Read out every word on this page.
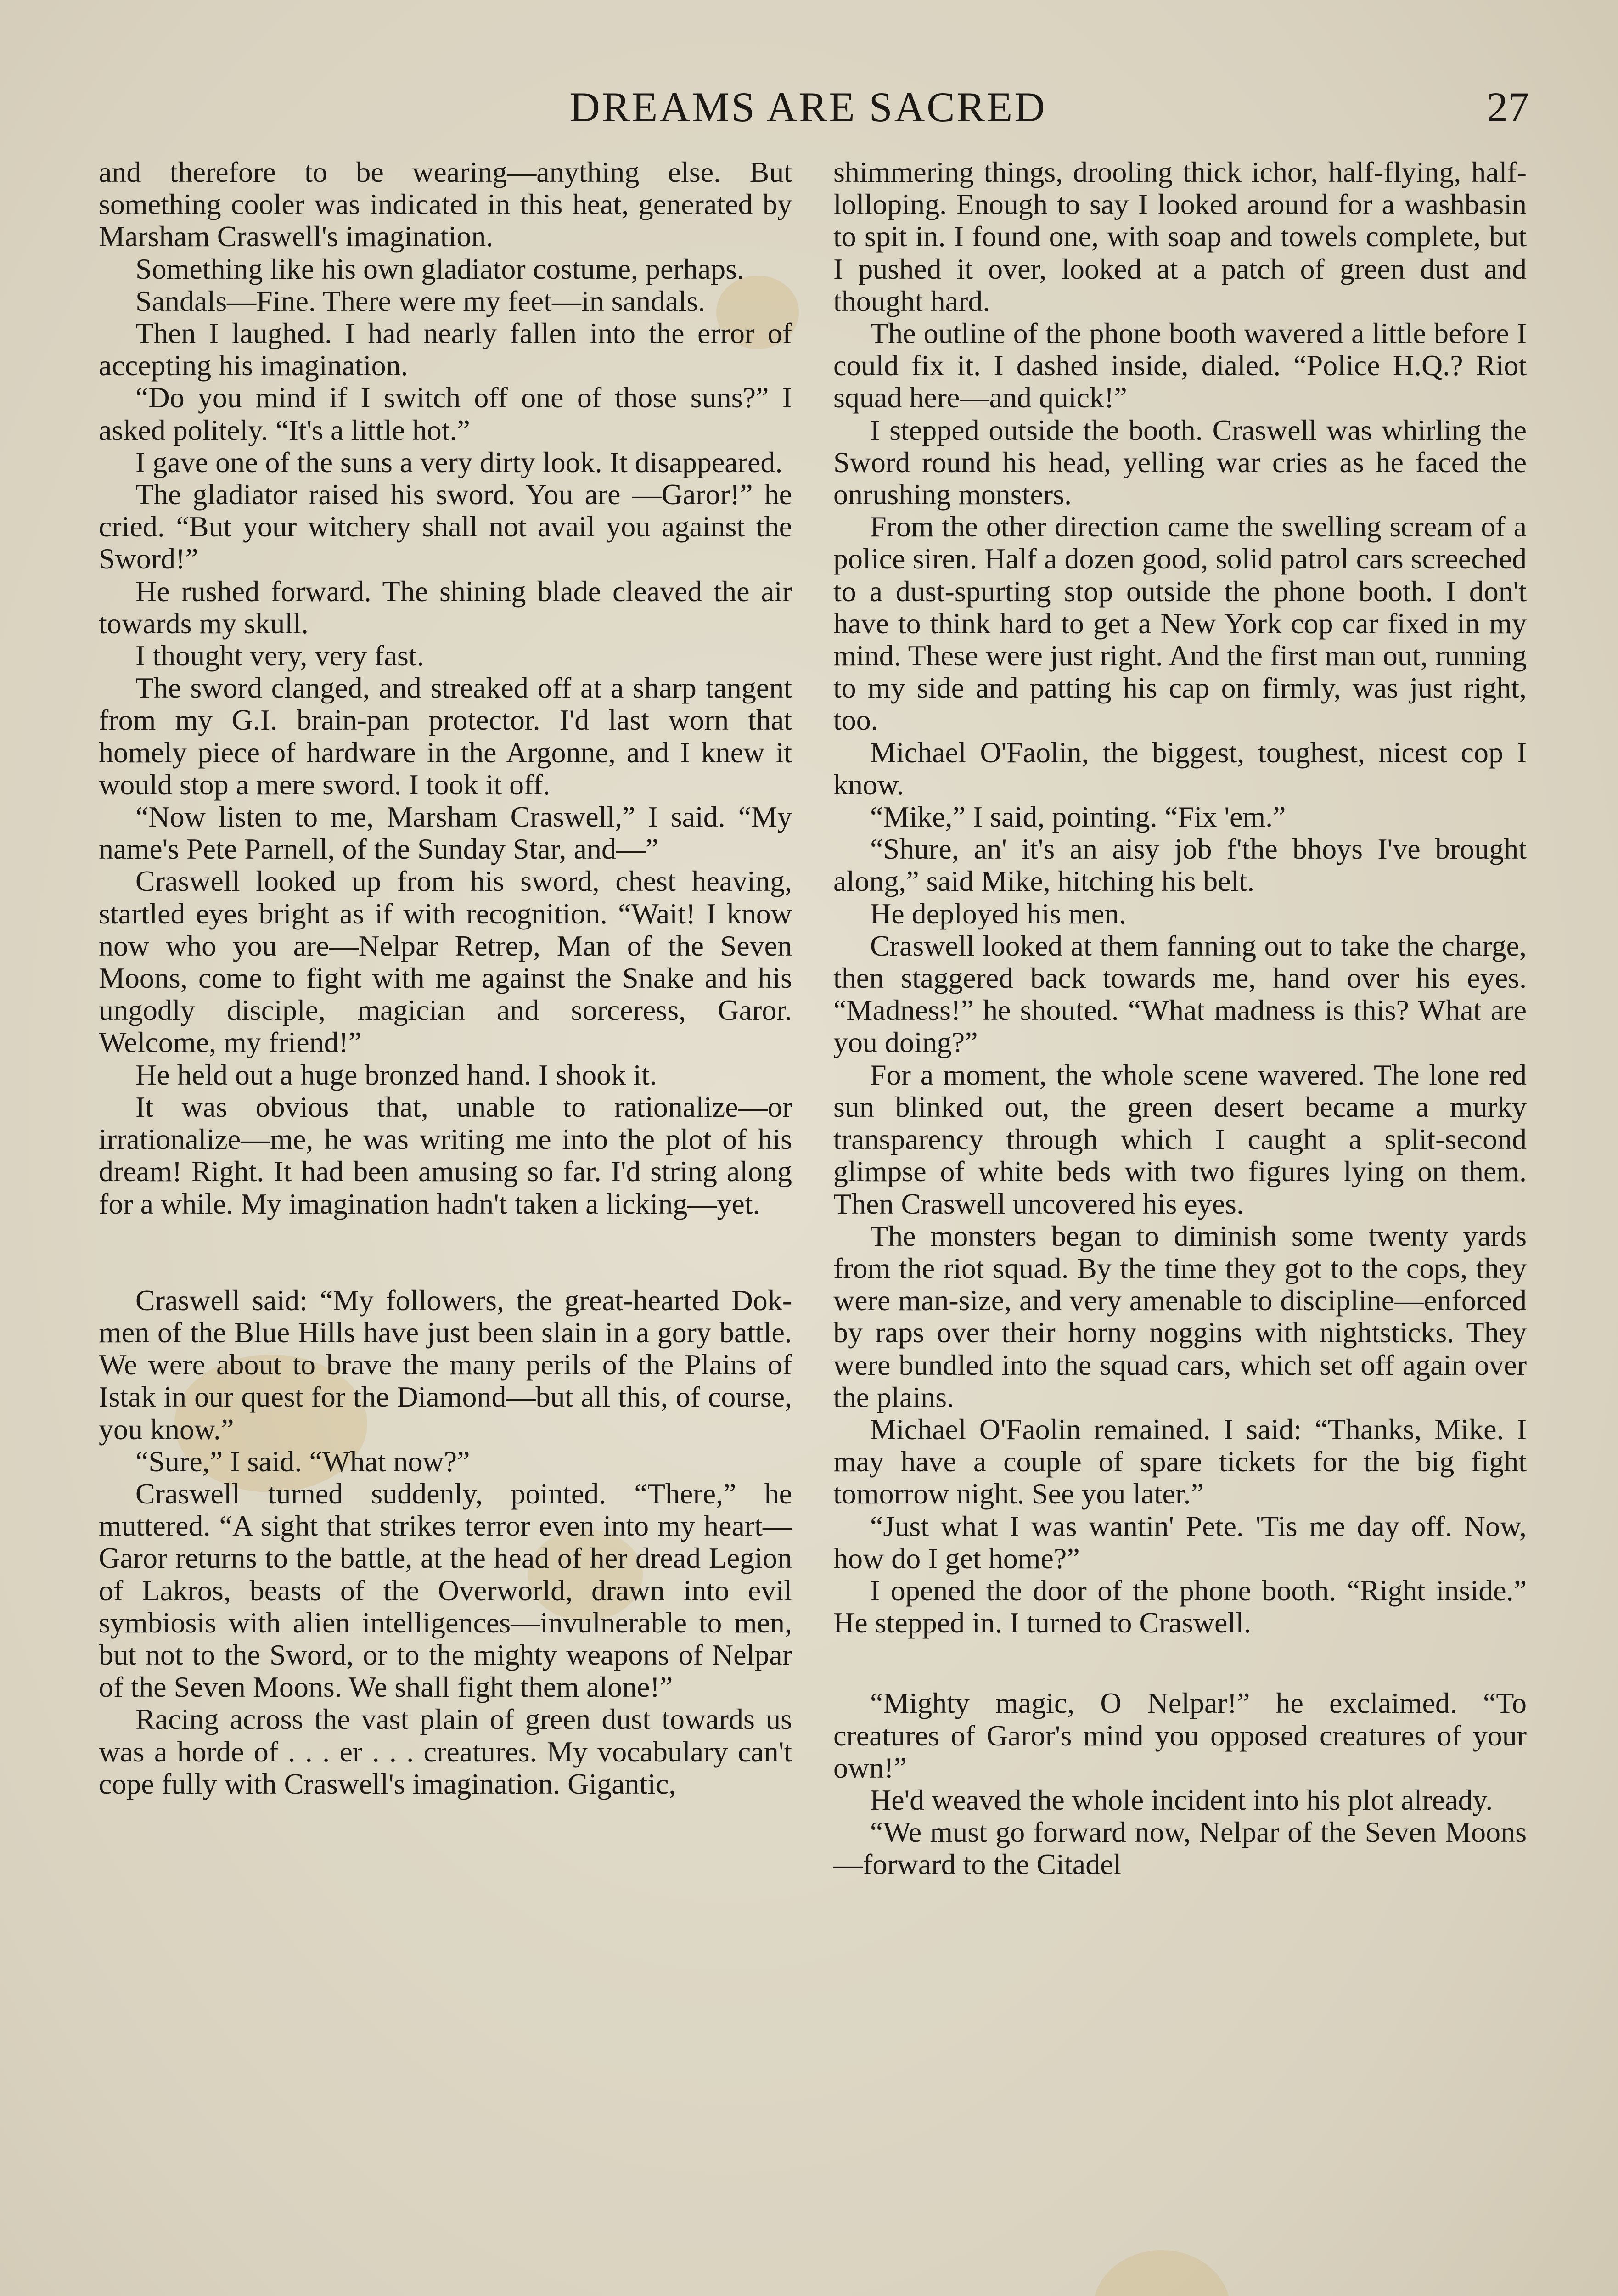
DREAMS ARE SACRED	27

and therefore to be wearing—anything else. But something cooler was indicated in this heat, generated by Marsham Craswell's imagination.

Something like his own gladiator costume, perhaps.

Sandals—Fine. There were my feet—in sandals.

Then I laughed. I had nearly fallen into the error of accepting his imagination.

“Do you mind if I switch off one of those suns?” I asked politely. “It's a little hot.”

I gave one of the suns a very dirty look. It disappeared.

The gladiator raised his sword. You are —Garor!” he cried. “But your witchery shall not avail you against the Sword!”

He rushed forward. The shining blade cleaved the air towards my skull.

I thought very, very fast.

The sword clanged, and streaked off at a sharp tangent from my G.I. brain-pan protector. I'd last worn that homely piece of hardware in the Argonne, and I knew it would stop a mere sword. I took it off.

“Now listen to me, Marsham Craswell,” I said. “My name's Pete Parnell, of the Sunday Star, and—”

Craswell looked up from his sword, chest heaving, startled eyes bright as if with recognition. “Wait! I know now who you are—Nelpar Retrep, Man of the Seven Moons, come to fight with me against the Snake and his ungodly disciple, magician and sorceress, Garor. Welcome, my friend!”

He held out a huge bronzed hand. I shook it.

It was obvious that, unable to rationalize—or irrationalize—me, he was writing me into the plot of his dream! Right. It had been amusing so far. I'd string along for a while. My imagination hadn't taken a licking—yet.

Craswell said: “My followers, the great-hearted Dok-men of the Blue Hills have just been slain in a gory battle. We were about to brave the many perils of the Plains of Istak in our quest for the Diamond—but all this, of course, you know.”

“Sure,” I said. “What now?”

Craswell turned suddenly, pointed. “There,” he muttered. “A sight that strikes terror even into my heart—Garor returns to the battle, at the head of her dread Legion of Lakros, beasts of the Overworld, drawn into evil symbiosis with alien intelligences—invulnerable to men, but not to the Sword, or to the mighty weapons of Nelpar of the Seven Moons. We shall fight them alone!”

Racing across the vast plain of green dust towards us was a horde of . . . er . . . creatures. My vocabulary can't cope fully with Craswell's imagination. Gigantic,

shimmering things, drooling thick ichor, half-flying, half-lolloping. Enough to say I looked around for a washbasin to spit in. I found one, with soap and towels complete, but I pushed it over, looked at a patch of green dust and thought hard.

The outline of the phone booth wavered a little before I could fix it. I dashed inside, dialed. “Police H.Q.? Riot squad here—and quick!”

I stepped outside the booth. Craswell was whirling the Sword round his head, yelling war cries as he faced the onrushing monsters.

From the other direction came the swelling scream of a police siren. Half a dozen good, solid patrol cars screeched to a dust-spurting stop outside the phone booth. I don't have to think hard to get a New York cop car fixed in my mind. These were just right. And the first man out, running to my side and patting his cap on firmly, was just right, too.

Michael O'Faolin, the biggest, toughest, nicest cop I know.

“Mike,” I said, pointing. “Fix 'em.”

“Shure, an' it's an aisy job f'the bhoys I've brought along,” said Mike, hitching his belt.

He deployed his men.

Craswell looked at them fanning out to take the charge, then staggered back towards me, hand over his eyes. “Madness!” he shouted. “What madness is this? What are you doing?”

For a moment, the whole scene wavered. The lone red sun blinked out, the green desert became a murky transparency through which I caught a split-second glimpse of white beds with two figures lying on them. Then Craswell uncovered his eyes.

The monsters began to diminish some twenty yards from the riot squad. By the time they got to the cops, they were man-size, and very amenable to discipline—enforced by raps over their horny noggins with nightsticks. They were bundled into the squad cars, which set off again over the plains.

Michael O'Faolin remained. I said: “Thanks, Mike. I may have a couple of spare tickets for the big fight tomorrow night. See you later.”

“Just what I was wantin' Pete. 'Tis me day off. Now, how do I get home?”

I opened the door of the phone booth. “Right inside.” He stepped in. I turned to Craswell.

“Mighty magic, O Nelpar!” he exclaimed. “To creatures of Garor's mind you opposed creatures of your own!”

He'd weaved the whole incident into his plot already.

“We must go forward now, Nelpar of the Seven Moons—forward to the Citadel
